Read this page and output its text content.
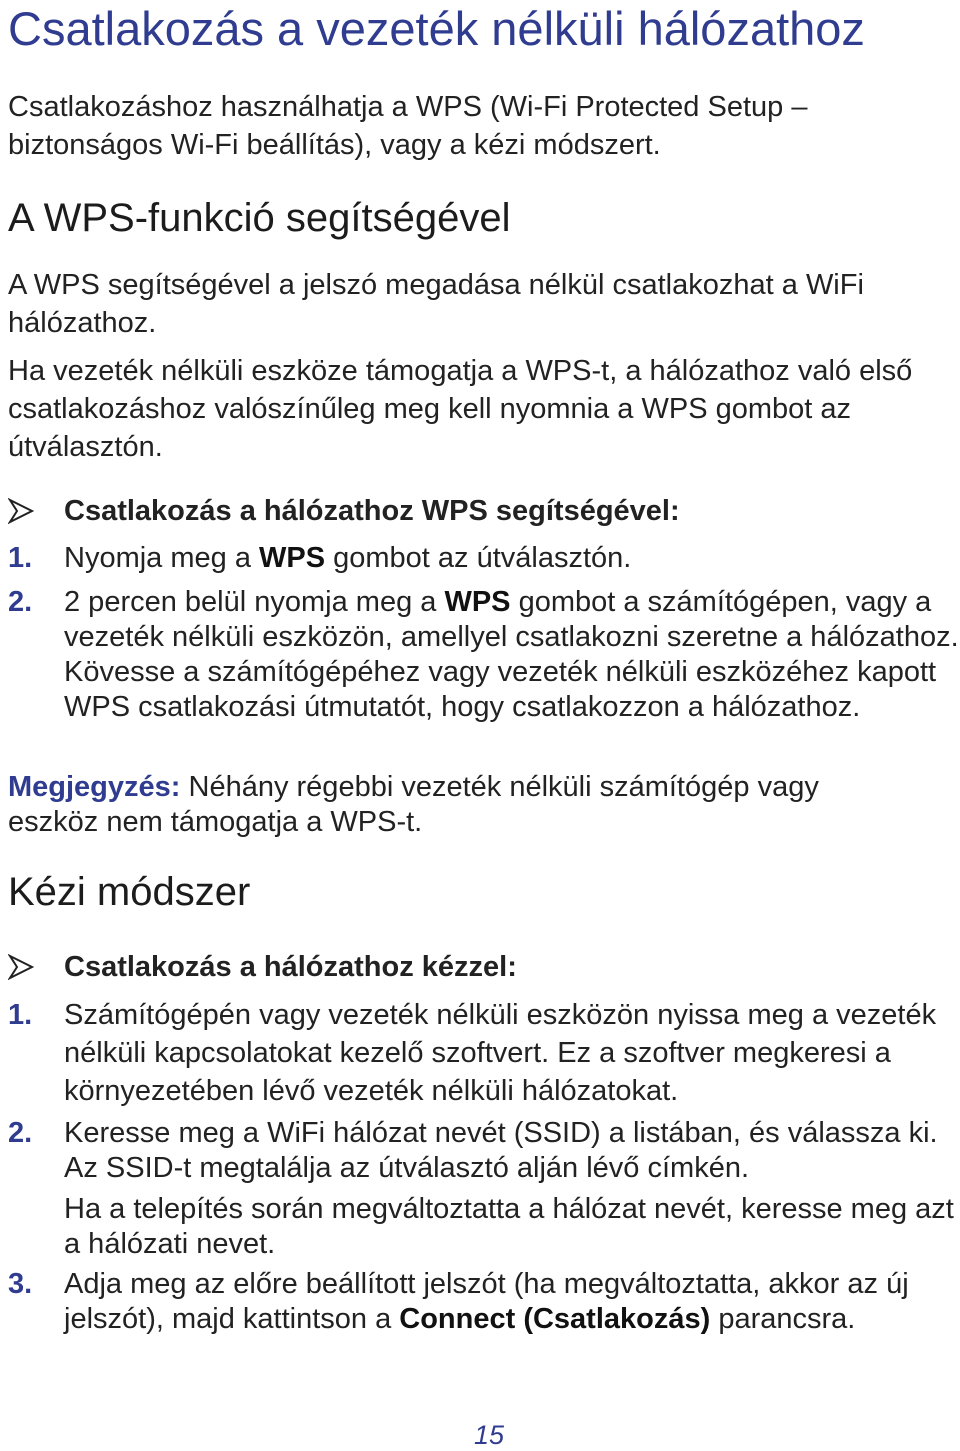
Csatlakozás a vezeték nélküli hálózathoz

Csatlakozáshoz használhatja a WPS (Wi-Fi Protected Setup – biztonságos Wi-Fi beállítás), vagy a kézi módszert.

A WPS-funkció segítségével

A WPS segítségével a jelszó megadása nélkül csatlakozhat a WiFi hálózathoz.

Ha vezeték nélküli eszköze támogatja a WPS-t, a hálózathoz való első csatlakozáshoz valószínűleg meg kell nyomnia a WPS gombot az útválasztón.

Csatlakozás a hálózathoz WPS segítségével:
1. Nyomja meg a WPS gombot az útválasztón.

2. 2 percen belül nyomja meg a WPS gombot a számítógépen, vagy a vezeték nélküli eszközön, amellyel csatlakozni szeretne a hálózathoz. Kövesse a számítógépéhez vagy vezeték nélküli eszközéhez kapott WPS csatlakozási útmutatót, hogy csatlakozzon a hálózathoz.

Megjegyzés: Néhány régebbi vezeték nélküli számítógép vagy eszköz nem támogatja a WPS-t.

Kézi módszer
Csatlakozás a hálózathoz kézzel:
1. Számítógépén vagy vezeték nélküli eszközön nyissa meg a vezeték nélküli kapcsolatokat kezelő szoftvert. Ez a szoftver megkeresi a környezetében lévő vezeték nélküli hálózatokat.

2. Keresse meg a WiFi hálózat nevét (SSID) a listában, és válassza ki. Az SSID-t megtalálja az útválasztó alján lévő címkén.

Ha a telepítés során megváltoztatta a hálózat nevét, keresse meg azt a hálózati nevet.

3. Adja meg az előre beállított jelszót (ha megváltoztatta, akkor az új jelszót), majd kattintson a Connect (Csatlakozás) parancsra.

15
